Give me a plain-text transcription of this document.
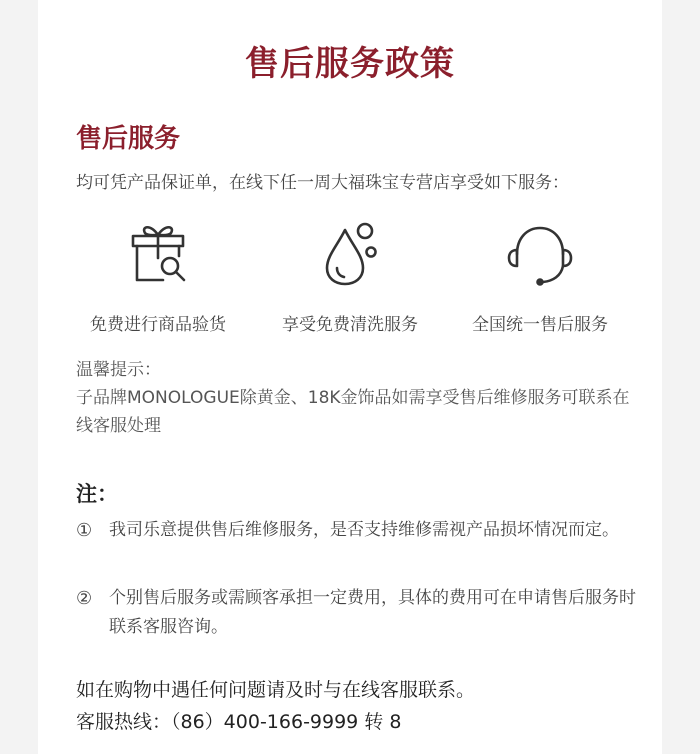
售后服务政策
售后服务
均可凭产品保证单，在线下任一周大福珠宝专营店享受如下服务：
免费进行商品验货	享受免费清洗服务	全国统一售后服务
温馨提示：
子品牌MONOLOGUE除黄金、18K金饰品如需享受售后维修服务可联系在线客服处理
注：
① 我司乐意提供售后维修服务，是否支持维修需视产品损坏情况而定。
② 个别售后服务或需顾客承担一定费用，具体的费用可在申请售后服务时联系客服咨询。
如在购物中遇任何问题请及时与在线客服联系。
客服热线：（86）400-166-9999 转 8
